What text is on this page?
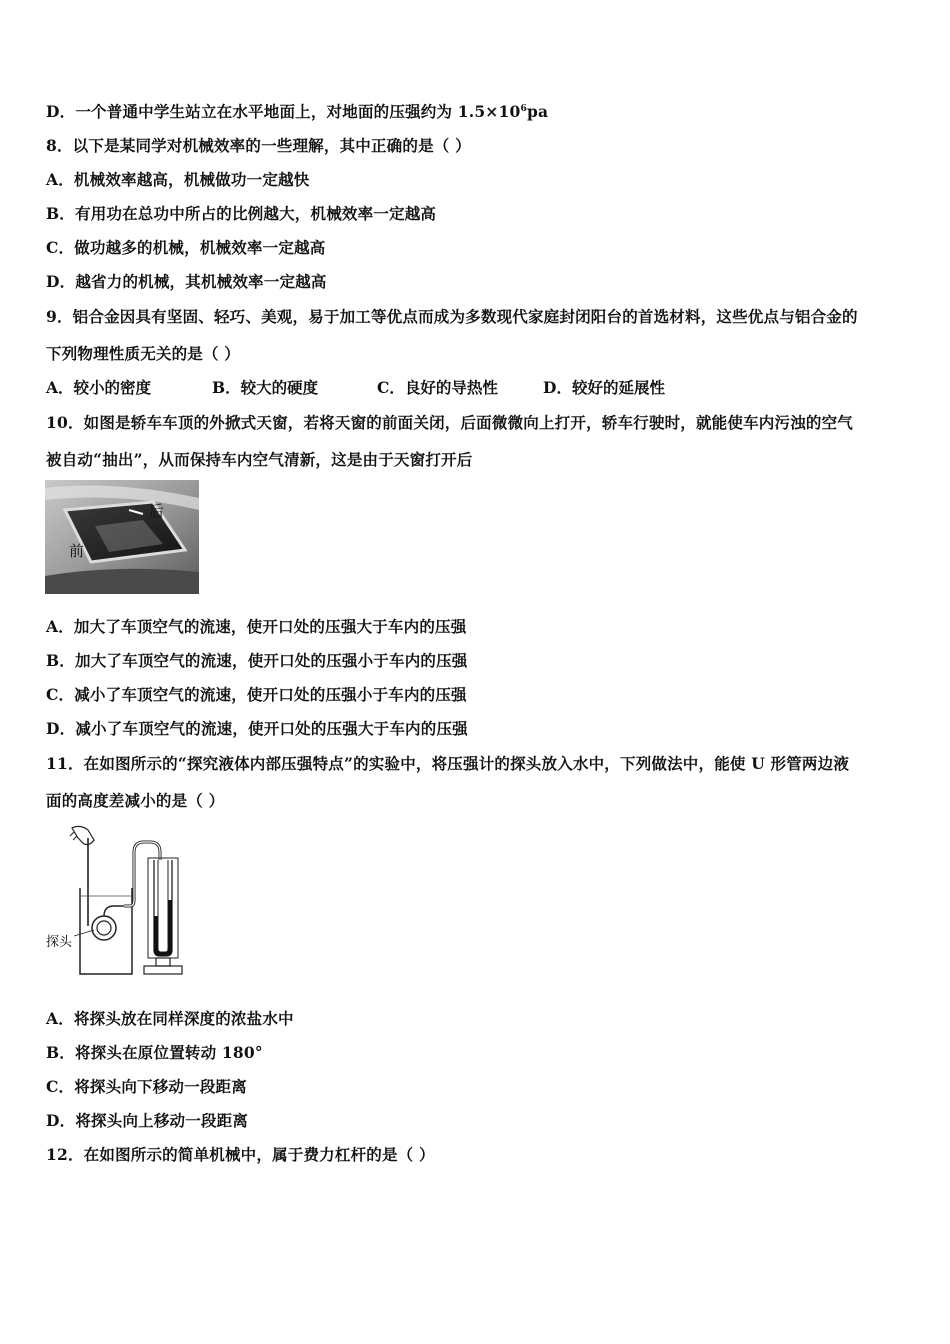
D．一个普通中学生站立在水平地面上，对地面的压强约为 $1.5\times 10^6pa$
8．以下是某同学对机械效率的一些理解，其中正确的是（ ）
A．机械效率越高，机械做功一定越快
B．有用功在总功中所占的比例越大，机械效率一定越高
C．做功越多的机械，机械效率一定越高
D．越省力的机械，其机械效率一定越高
9．铝合金因具有坚固、轻巧、美观，易于加工等优点而成为多数现代家庭封闭阳台的首选材料，这些优点与铝合金的
下列物理性质无关的是（ ）
A．较小的密度	B．较大的硬度	C．良好的导热性	D．较好的延展性
10．如图是轿车车顶的外掀式天窗，若将天窗的前面关闭，后面微微向上打开，轿车行驶时，就能使车内污浊的空气
被自动“抽出”，从而保持车内空气清新，这是由于天窗打开后
后
前
A．加大了车顶空气的流速，使开口处的压强大于车内的压强
B．加大了车顶空气的流速，使开口处的压强小于车内的压强
C．减小了车顶空气的流速，使开口处的压强小于车内的压强
D．减小了车顶空气的流速，使开口处的压强大于车内的压强
11．在如图所示的“探究液体内部压强特点”的实验中，将压强计的探头放入水中，下列做法中，能使 U 形管两边液
面的高度差减小的是（ ）
探头
A．将探头放在同样深度的浓盐水中
B．将探头在原位置转动 180°
C．将探头向下移动一段距离
D．将探头向上移动一段距离
12．在如图所示的简单机械中，属于费力杠杆的是（ ）
